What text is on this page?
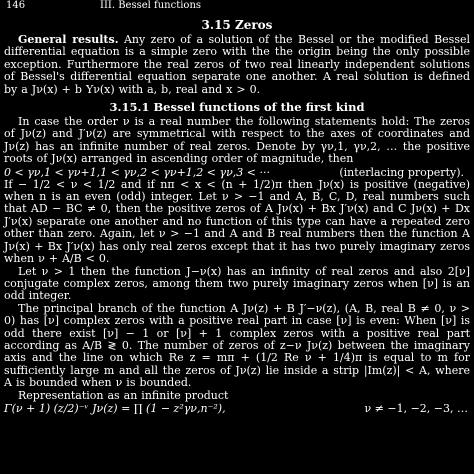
146	III. Bessel functions
3.15 Zeros

General results. Any zero of a solution of the Bessel or the modified Bessel differential equation is a simple zero with the the origin being the only possible exception. Furthermore the real zeros of two real linearly independent solutions of Bessel's differential equation separate one another. A real solution is defined by a Jν(x) + b Yν(x) with a, b, real and x > 0.

3.15.1 Bessel functions of the first kind

In case the order ν is a real number the following statements hold: The zeros of Jν(z) and J′ν(z) are symmetrical with respect to the axes of coordinates and Jν(z) has an infinite number of real zeros. Denote by γν,1, γν,2, … the positive roots of Jν(x) arranged in ascending order of magnitude, then

0 < γν,1 < γν+1,1 < γν,2 < γν+1,2 < γν,3 < ···	(interlacing property).

If − 1/2 < ν < 1/2 and if nπ < x < (n + 1/2)π then Jν(x) is positive (negative) when n is an even (odd) integer. Let ν > −1 and A, B, C, D, real numbers such that AD − BC ≠ 0, then the positive zeros of A Jν(x) + Bx J′ν(x) and C Jν(x) + Dx J′ν(x) separate one another and no function of this type can have a repeated zero other than zero. Again, let ν > −1 and A and B real numbers then the function A Jν(x) + Bx J′ν(x) has only real zeros except that it has two purely imaginary zeros when ν + A/B < 0.

Let ν > 1 then the function J−ν(x) has an infinity of real zeros and also 2[ν] conjugate complex zeros, among them two purely imaginary zeros when [ν] is an odd integer.

The principal branch of the function A Jν(z) + B J′−ν(z), (A, B, real B ≠ 0, ν > 0) has [ν] complex zeros with a positive real part in case [ν] is even: When [ν] is odd there exist [ν] − 1 or [ν] + 1 complex zeros with a positive real part according as A/B ≷ 0. The number of zeros of z−ν Jν(z) between the imaginary axis and the line on which Re z = mπ + (1/2 Re ν + 1/4)π is equal to m for sufficiently large m and all the zeros of Jν(z) lie inside a strip |Im(z)| < A, where A is bounded when ν is bounded.

Representation as an infinite product

Γ(ν + 1) (z/2)⁻ᵛ Jν(z) = ∏ (1 − z²γν,n⁻²),	ν ≠ −1, −2, −3, …
